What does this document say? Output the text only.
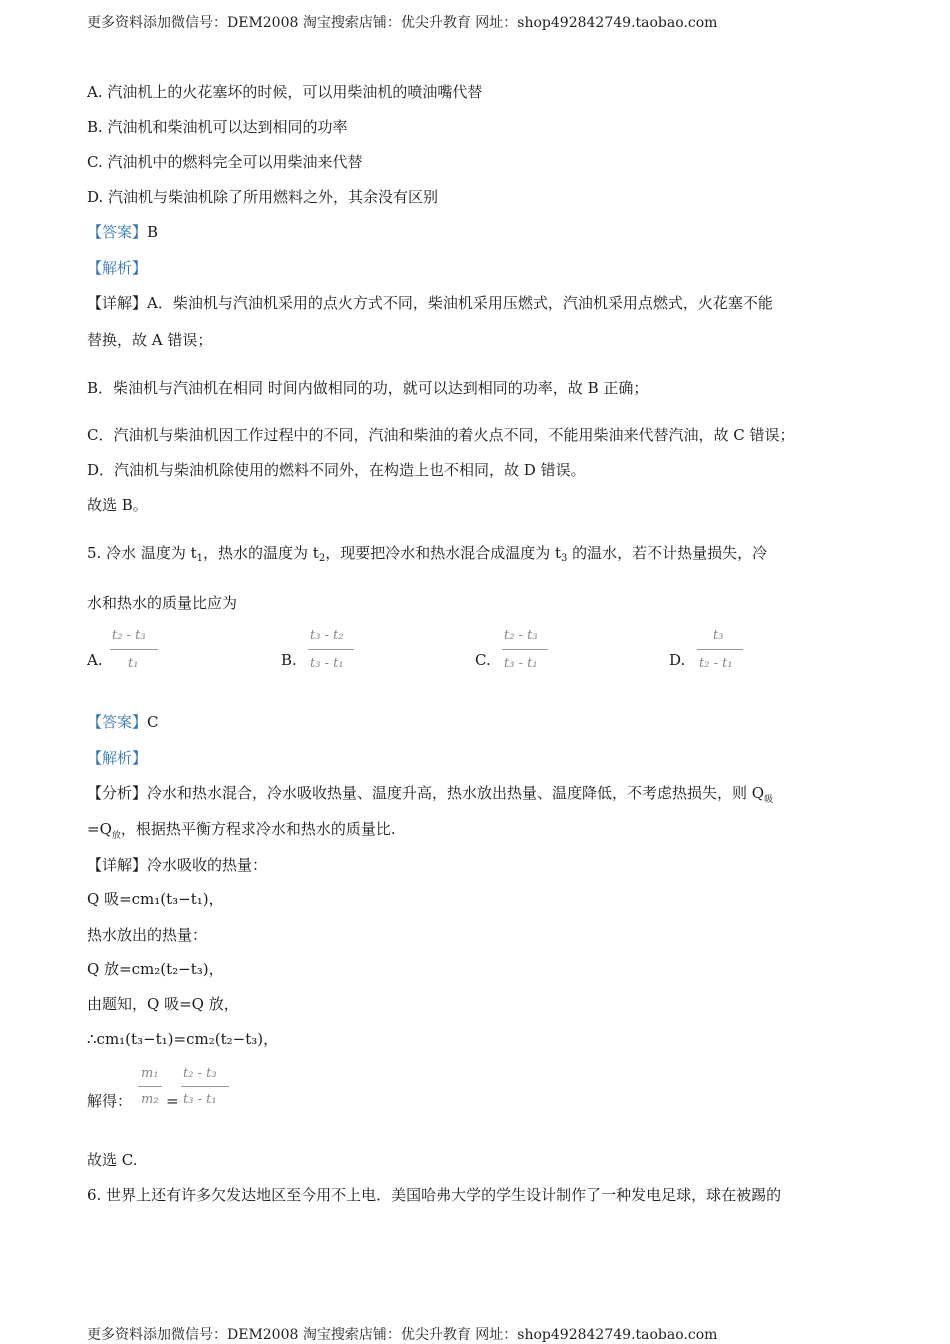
更多资料添加微信号：DEM2008 淘宝搜索店铺：优尖升教育 网址：shop492842749.taobao.com
A. 汽油机上的火花塞坏的时候，可以用柴油机的喷油嘴代替
B. 汽油机和柴油机可以达到相同的功率
C. 汽油机中的燃料完全可以用柴油来代替
D. 汽油机与柴油机除了所用燃料之外，其余没有区别
【答案】B
【解析】
【详解】A．柴油机与汽油机采用的点火方式不同，柴油机采用压燃式，汽油机采用点燃式，火花塞不能
替换，故 A 错误；
B．柴油机与汽油机在相同 时间内做相同的功，就可以达到相同的功率，故 B 正确；
C．汽油机与柴油机因工作过程中的不同，汽油和柴油的着火点不同，不能用柴油来代替汽油，故 C 错误；
D．汽油机与柴油机除使用的燃料不同外，在构造上也不相同，故 D 错误。
故选 B。
5. 冷水 温度为 $t_1$，热水的温度为 $t_2$，现要把冷水和热水混合成温度为 $t_3$ 的温水，若不计热量损失，冷
水和热水的质量比应为
A.
t₂ - t₃
t₁	B.
t₃ - t₂
t₃ - t₁	C.
t₂ - t₃
t₃ - t₁	D.
t₃
t₂ - t₁
【答案】C
【解析】
【分析】冷水和热水混合，冷水吸收热量、温度升高，热水放出热量、温度降低，不考虑热损失，则 $Q_吸$
$=Q_放$，根据热平衡方程求冷水和热水的质量比.
【详解】冷水吸收的热量：
Q 吸=cm₁(t₃−t₁)，
热水放出的热量：
Q 放=cm₂(t₂−t₃)，
由题知，Q 吸=Q 放，
∴cm₁(t₃−t₁)=cm₂(t₂−t₃)，
解得：
m₁
m₂ =
t₂ - t₃
t₃ - t₁
故选 C.
6. 世界上还有许多欠发达地区至今用不上电．美国哈弗大学的学生设计制作了一种发电足球，球在被踢的
更多资料添加微信号：DEM2008 淘宝搜索店铺：优尖升教育 网址：shop492842749.taobao.com
